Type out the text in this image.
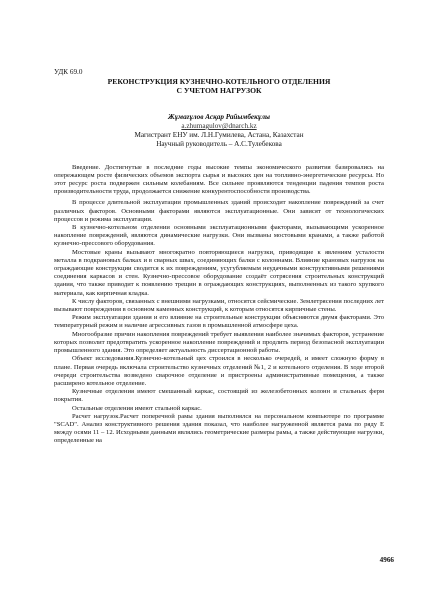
УДК 69.0
РЕКОНСТРУКЦИЯ КУЗНЕЧНО-КОТЕЛЬНОГО ОТДЕЛЕНИЯ
С УЧЕТОМ НАГРУЗОК
Жұмағұлов Асқар Райымбекұлы
a.zhumagulov@dnarch.kz
Магистрант ЕНУ им. Л.Н.Гумилева, Астана, Казахстан
Научный руководитель – А.С.Тулебекова

Введение. Достигнутые в последние годы высокие темпы экономического развития базировались на опережающем росте физических объемов экспорта сырья и высоких цен на топливно-энергетические ресурсы. Но этот ресурс роста подвержен сильным колебаниям. Все сильнее проявляются тенденции падения темпов роста производительности труда, продолжается снижение конкурентоспособности производства.

В процессе длительной эксплуатации промышленных зданий происходит накопление повреждений за счет различных факторов. Основными факторами являются эксплуатационные. Они зависят от технологических процессов и режима эксплуатации.

В кузнечно-котельном отделении основными эксплуатационными факторами, вызывающими ускоренное накопление повреждений, являются динамические нагрузки. Они вызваны мостовыми кранами, а также работой кузнечно-прессового оборудования.

Мостовые краны вызывают многократно повторяющиеся нагрузки, приводящие к явлениям усталости металла в подкрановых балках и в сварных швах, соединяющих балки с колоннами. Влияние крановых нагрузок на ограждающие конструкции сводится к их повреждениям, усугубляемым неудачными конструктивными решениями соединения каркасов и стен. Кузнечно-прессовое оборудование создаёт сотрясения строительных конструкций здания, что также приводит к появлению трещин в ограждающих конструкциях, выполненных из такого хрупкого материала, как кирпичная кладка.

К числу факторов, связанных с внешними нагрузками, относятся сейсмические. Землетрясения последних лет вызывают повреждения в основном каменных конструкций, к которым относятся кирпичные стены.

Режим эксплуатации здания и его влияние на строительные конструкции объясняются двумя факторами. Это температурный режим и наличие агрессивных газов в промышленной атмосфере цеха.

Многообразие причин накопления повреждений требует выявления наиболее значимых факторов, устранение которых позволит предотвратить ускоренное накопление повреждений и продлить период безопасной эксплуатации промышленного здания. Это определяет актуальность диссертационной работы.

Объект исследования.Кузнечно-котельный цех строился в несколько очередей, и имеет сложную форму в плане. Первая очередь включала строительство кузнечных отделений №1, 2 и котельного отделения. В ходе второй очереди строительства возведено сварочное отделение и пристроены административные помещения, а также расширено котельное отделение.

Кузнечные отделения имеют смешанный каркас, состоящий из железобетонных колонн и стальных ферм покрытия.

Остальные отделения имеют стальной каркас.

Расчет нагрузок.Расчет поперечной рамы здания выполнялся на персональном компьютере по программе "SCAD". Анализ конструктивного решения здания показал, что наиболее нагруженной является рама по ряду Е между осями 11 – 12. Исходными данными являлись геометрические размеры рамы, а также действующие нагрузки, определенные на

4966
